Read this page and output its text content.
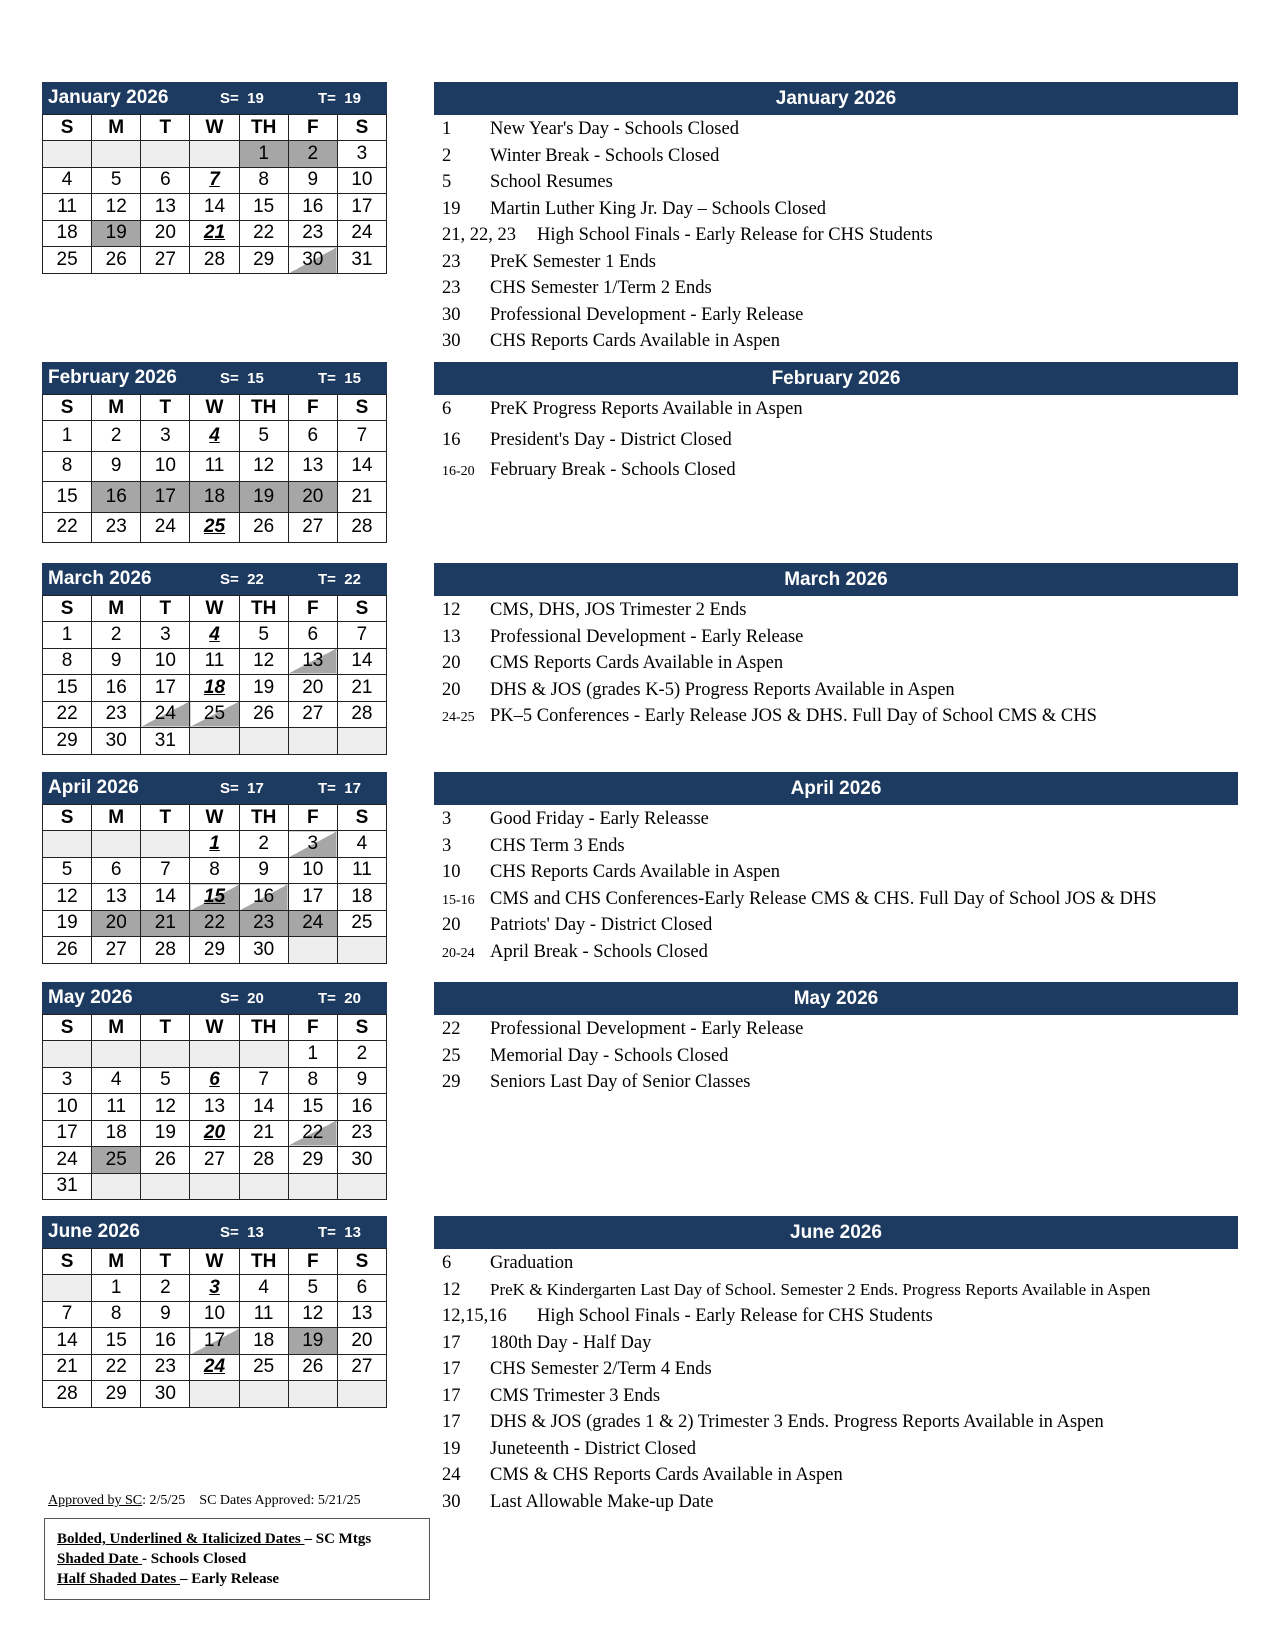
January 2026	S= 19	T= 19
S	M	T	W	TH	F	S
				1	2	3
4	5	6	7	8	9	10
11	12	13	14	15	16	17
18	19	20	21	22	23	24
25	26	27	28	29	30	31
February 2026	S= 15	T= 15
S	M	T	W	TH	F	S
1	2	3	4	5	6	7
8	9	10	11	12	13	14
15	16	17	18	19	20	21
22	23	24	25	26	27	28
March 2026	S= 22	T= 22
S	M	T	W	TH	F	S
1	2	3	4	5	6	7
8	9	10	11	12	13	14
15	16	17	18	19	20	21
22	23	24	25	26	27	28
29	30	31				
April 2026	S= 17	T= 17
S	M	T	W	TH	F	S
			1	2	3	4
5	6	7	8	9	10	11
12	13	14	15	16	17	18
19	20	21	22	23	24	25
26	27	28	29	30		
May 2026	S= 20	T= 20
S	M	T	W	TH	F	S
					1	2
3	4	5	6	7	8	9
10	11	12	13	14	15	16
17	18	19	20	21	22	23
24	25	26	27	28	29	30
31						
June 2026	S= 13	T= 13
S	M	T	W	TH	F	S
	1	2	3	4	5	6
7	8	9	10	11	12	13
14	15	16	17	18	19	20
21	22	23	24	25	26	27
28	29	30				
January 2026
1 New Year's Day - Schools Closed
2 Winter Break - Schools Closed
5 School Resumes
19 Martin Luther King Jr. Day – Schools Closed
21, 22, 23 High School Finals - Early Release for CHS Students
23 PreK Semester 1 Ends
23 CHS Semester 1/Term 2 Ends
30 Professional Development - Early Release
30 CHS Reports Cards Available in Aspen
February 2026
6 PreK Progress Reports Available in Aspen
16 President's Day - District Closed
16-20 February Break - Schools Closed
March 2026
12 CMS, DHS, JOS Trimester 2 Ends
13 Professional Development - Early Release
20 CMS Reports Cards Available in Aspen
20 DHS & JOS (grades K-5) Progress Reports Available in Aspen
24-25 PK–5 Conferences - Early Release JOS & DHS. Full Day of School CMS & CHS
April 2026
3 Good Friday - Early Releasse
3 CHS Term 3 Ends
10 CHS Reports Cards Available in Aspen
15-16 CMS and CHS Conferences-Early Release CMS & CHS. Full Day of School JOS & DHS
20 Patriots' Day - District Closed
20-24 April Break - Schools Closed
May 2026
22 Professional Development - Early Release
25 Memorial Day - Schools Closed
29 Seniors Last Day of Senior Classes
June 2026
6 Graduation
12 PreK & Kindergarten Last Day of School. Semester 2 Ends. Progress Reports Available in Aspen
12,15,16 High School Finals - Early Release for CHS Students
17 180th Day - Half Day
17 CHS Semester 2/Term 4 Ends
17 CMS Trimester 3 Ends
17 DHS & JOS (grades 1 & 2) Trimester 3 Ends. Progress Reports Available in Aspen
19 Juneteenth - District Closed
24 CMS & CHS Reports Cards Available in Aspen
30 Last Allowable Make-up Date
Approved by SC: 2/5/25 SC Dates Approved: 5/21/25
Bolded, Underlined & Italicized Dates – SC Mtgs
Shaded Date - Schools Closed
Half Shaded Dates – Early Release
